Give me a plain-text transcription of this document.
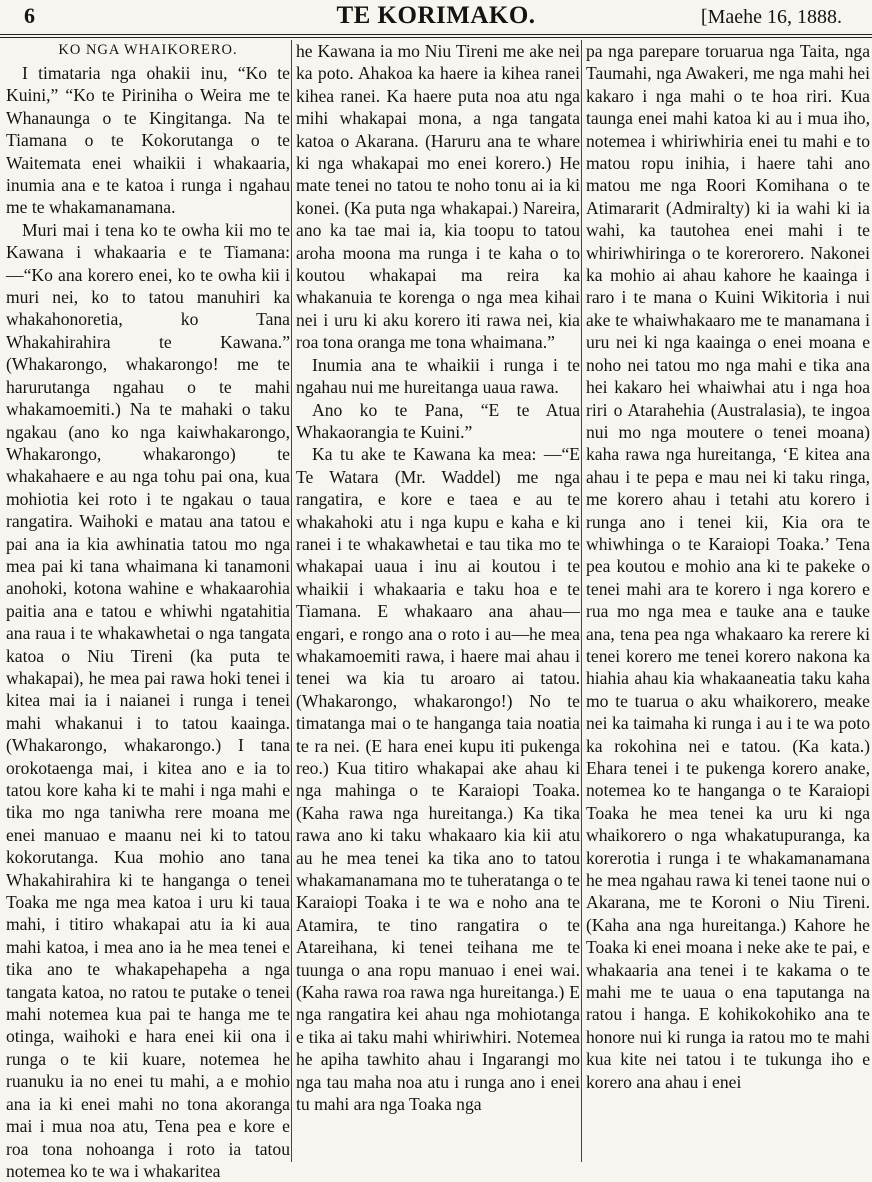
6	TE KORIMAKO.	[Maehe 16, 1888.
KO NGA WHAIKORERO.

I timataria nga ohakii inu, “Ko te Kuini,” “Ko te Piriniha o Weira me te Whanaunga o te Kingitanga. Na te Tiamana o te Kokorutanga o te Waitemata enei whaikii i whakaaria, inumia ana e te katoa i runga i ngahau me te whakamanamana.

Muri mai i tena ko te owha kii mo te Kawana i whakaaria e te Tiamana:—“Ko ana korero enei, ko te owha kii i muri nei, ko to tatou manuhiri ka whakahonoretia, ko Tana Whakahirahira te Kawana.” (Whakarongo, whakarongo! me te harurutanga ngahau o te mahi whakamoemiti.) Na te mahaki o taku ngakau (ano ko nga kaiwhakarongo, Whakarongo, whakarongo) te whakahaere e au nga tohu pai ona, kua mohiotia kei roto i te ngakau o taua rangatira. Waihoki e matau ana tatou e pai ana ia kia awhinatia tatou mo nga mea pai ki tana whaimana ki tanamoni anohoki, kotona wahine e whakaarohia paitia ana e tatou e whiwhi ngatahitia ana raua i te whakawhetai o nga tangata katoa o Niu Tireni (ka puta te whakapai), he mea pai rawa hoki tenei i kitea mai ia i naianei i runga i tenei mahi whakanui i to tatou kaainga. (Whakarongo, whakarongo.) I tana orokotaenga mai, i kitea ano e ia to tatou kore kaha ki te mahi i nga mahi e tika mo nga taniwha rere moana me enei manuao e maanu nei ki to tatou kokorutanga. Kua mohio ano tana Whakahirahira ki te hanganga o tenei Toaka me nga mea katoa i uru ki taua mahi, i titiro whakapai atu ia ki aua mahi katoa, i mea ano ia he mea tenei e tika ano te whakapehapeha a nga tangata katoa, no ratou te putake o tenei mahi notemea kua pai te hanga me te otinga, waihoki e hara enei kii ona i runga o te kii kuare, notemea he ruanuku ia no enei tu mahi, a e mohio ana ia ki enei mahi no tona akoranga mai i mua noa atu, Tena pea e kore e roa tona nohoanga i roto ia tatou notemea ko te wa i whakaritea

he Kawana ia mo Niu Tireni me ake nei ka poto. Ahakoa ka haere ia kihea ranei kihea ranei. Ka haere puta noa atu nga mihi whakapai mona, a nga tangata katoa o Akarana. (Haruru ana te whare ki nga whakapai mo enei korero.) He mate tenei no tatou te noho tonu ai ia ki konei. (Ka puta nga whakapai.) Nareira, ano ka tae mai ia, kia toopu to tatou aroha moona ma runga i te kaha o to koutou whakapai ma reira ka whakanuia te korenga o nga mea kihai nei i uru ki aku korero iti rawa nei, kia roa tona oranga me tona whaimana.”

Inumia ana te whaikii i runga i te ngahau nui me hureitanga uaua rawa.

Ano ko te Pana, “E te Atua Whakaorangia te Kuini.”

Ka tu ake te Kawana ka mea: —“E Te Watara (Mr. Waddel) me nga rangatira, e kore e taea e au te whakahoki atu i nga kupu e kaha e ki ranei i te whakawhetai e tau tika mo te whakapai uaua i inu ai koutou i te whaikii i whakaaria e taku hoa e te Tiamana. E whakaaro ana ahau—engari, e rongo ana o roto i au—he mea whakamoemiti rawa, i haere mai ahau i tenei wa kia tu aroaro ai tatou. (Whakarongo, whakarongo!) No te timatanga mai o te hanganga taia noatia te ra nei. (E hara enei kupu iti pukenga reo.) Kua titiro whakapai ake ahau ki nga mahinga o te Karaiopi Toaka. (Kaha rawa nga hureitanga.) Ka tika rawa ano ki taku whakaaro kia kii atu au he mea tenei ka tika ano to tatou whakamanamana mo te tuheratanga o te Karaiopi Toaka i te wa e noho ana te Atamira, te tino rangatira o te Atareihana, ki tenei teihana me te tuunga o ana ropu manuao i enei wai. (Kaha rawa roa rawa nga hureitanga.) E nga rangatira kei ahau nga mohiotanga e tika ai taku mahi whiriwhiri. Notemea he apiha tawhito ahau i Ingarangi mo nga tau maha noa atu i runga ano i enei tu mahi ara nga Toaka nga

pa nga parepare toruarua nga Taita, nga Taumahi, nga Awakeri, me nga mahi hei kakaro i nga mahi o te hoa riri. Kua taunga enei mahi katoa ki au i mua iho, notemea i whiriwhiria enei tu mahi e to matou ropu inihia, i haere tahi ano matou me nga Roori Komihana o te Atimararit (Admiralty) ki ia wahi ki ia wahi, ka tautohea enei mahi i te whiriwhiringa o te korerorero. Nakonei ka mohio ai ahau kahore he kaainga i raro i te mana o Kuini Wikitoria i nui ake te whaiwhakaaro me te manamana i uru nei ki nga kaainga o enei moana e noho nei tatou mo nga mahi e tika ana hei kakaro hei whaiwhai atu i nga hoa riri o Atarahehia (Australasia), te ingoa nui mo nga moutere o tenei moana) kaha rawa nga hureitanga, ‘E kitea ana ahau i te pepa e mau nei ki taku ringa, me korero ahau i tetahi atu korero i runga ano i tenei kii, Kia ora te whiwhinga o te Karaiopi Toaka.’ Tena pea koutou e mohio ana ki te pakeke o tenei mahi ara te korero i nga korero e rua mo nga mea e tauke ana e tauke ana, tena pea nga whakaaro ka rerere ki tenei korero me tenei korero nakona ka hiahia ahau kia whakaaneatia taku kaha mo te tuarua o aku whaikorero, meake nei ka taimaha ki runga i au i te wa poto ka rokohina nei e tatou. (Ka kata.) Ehara tenei i te pukenga korero anake, notemea ko te hanganga o te Karaiopi Toaka he mea tenei ka uru ki nga whaikorero o nga whakatupuranga, ka korerotia i runga i te whakamanamana he mea ngahau rawa ki tenei taone nui o Akarana, me te Koroni o Niu Tireni. (Kaha ana nga hureitanga.) Kahore he Toaka ki enei moana i neke ake te pai, e whakaaria ana tenei i te kakama o te mahi me te uaua o ena taputanga na ratou i hanga. E kohikokohiko ana te honore nui ki runga ia ratou mo te mahi kua kite nei tatou i te tukunga iho e korero ana ahau i enei
